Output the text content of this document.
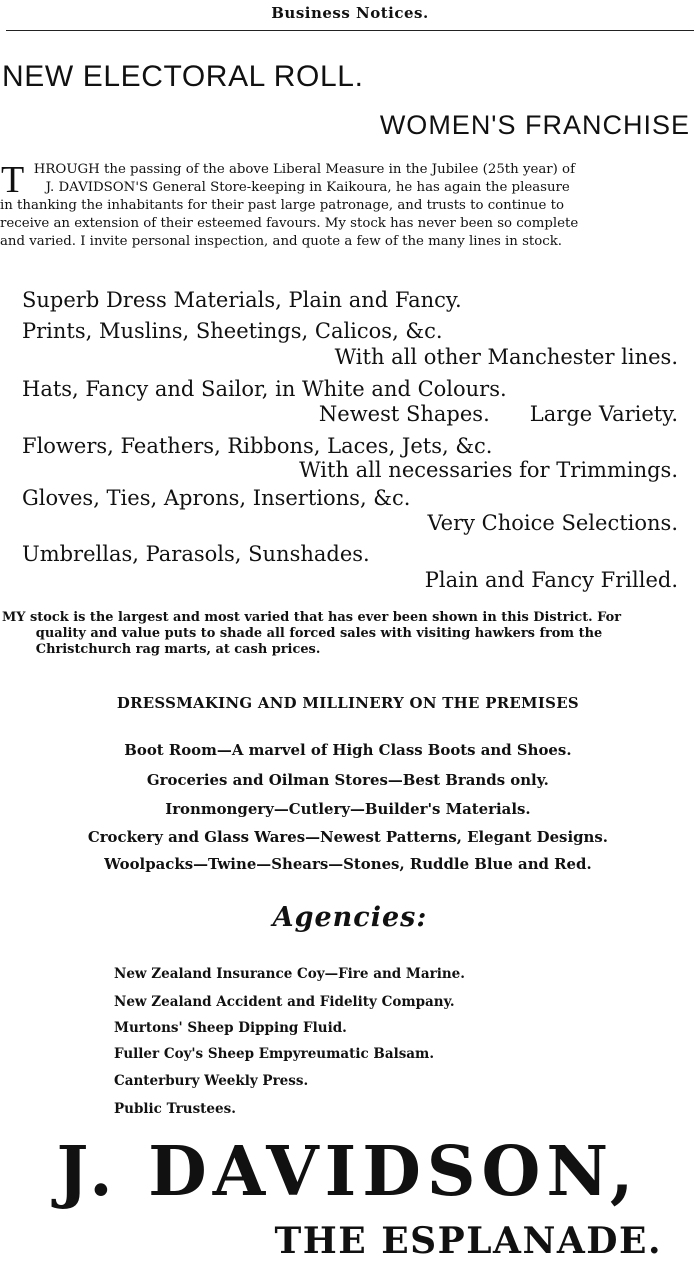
Business Notices.
NEW ELECTORAL ROLL.
WOMEN'S FRANCHISE
T HROUGH the passing of the above Liberal Measure in the Jubilee (25th year) of
J. DAVIDSON'S General Store-keeping in Kaikoura, he has again the pleasure
in thanking the inhabitants for their past large patronage, and trusts to continue to
receive an extension of their esteemed favours. My stock has never been so complete
and varied. I invite personal inspection, and quote a few of the many lines in stock.
Superb Dress Materials, Plain and Fancy.
Prints, Muslins, Sheetings, Calicos, &c.
With all other Manchester lines.
Hats, Fancy and Sailor, in White and Colours.
Newest Shapes.      Large Variety.
Flowers, Feathers, Ribbons, Laces, Jets, &c.
With all necessaries for Trimmings.
Gloves, Ties, Aprons, Insertions, &c.
Very Choice Selections.
Umbrellas, Parasols, Sunshades.
Plain and Fancy Frilled.
MY stock is the largest and most varied that has ever been shown in this District. For
quality and value puts to shade all forced sales with visiting hawkers from the
Christchurch rag marts, at cash prices.
DRESSMAKING AND MILLINERY ON THE PREMISES
Boot Room—A marvel of High Class Boots and Shoes.
Groceries and Oilman Stores—Best Brands only.
Ironmongery—Cutlery—Builder's Materials.
Crockery and Glass Wares—Newest Patterns, Elegant Designs.
Woolpacks—Twine—Shears—Stones, Ruddle Blue and Red.
Agencies:
New Zealand Insurance Coy—Fire and Marine.
New Zealand Accident and Fidelity Company.
Murtons' Sheep Dipping Fluid.
Fuller Coy's Sheep Empyreumatic Balsam.
Canterbury Weekly Press.
Public Trustees.
J. DAVIDSON,
THE ESPLANADE.
